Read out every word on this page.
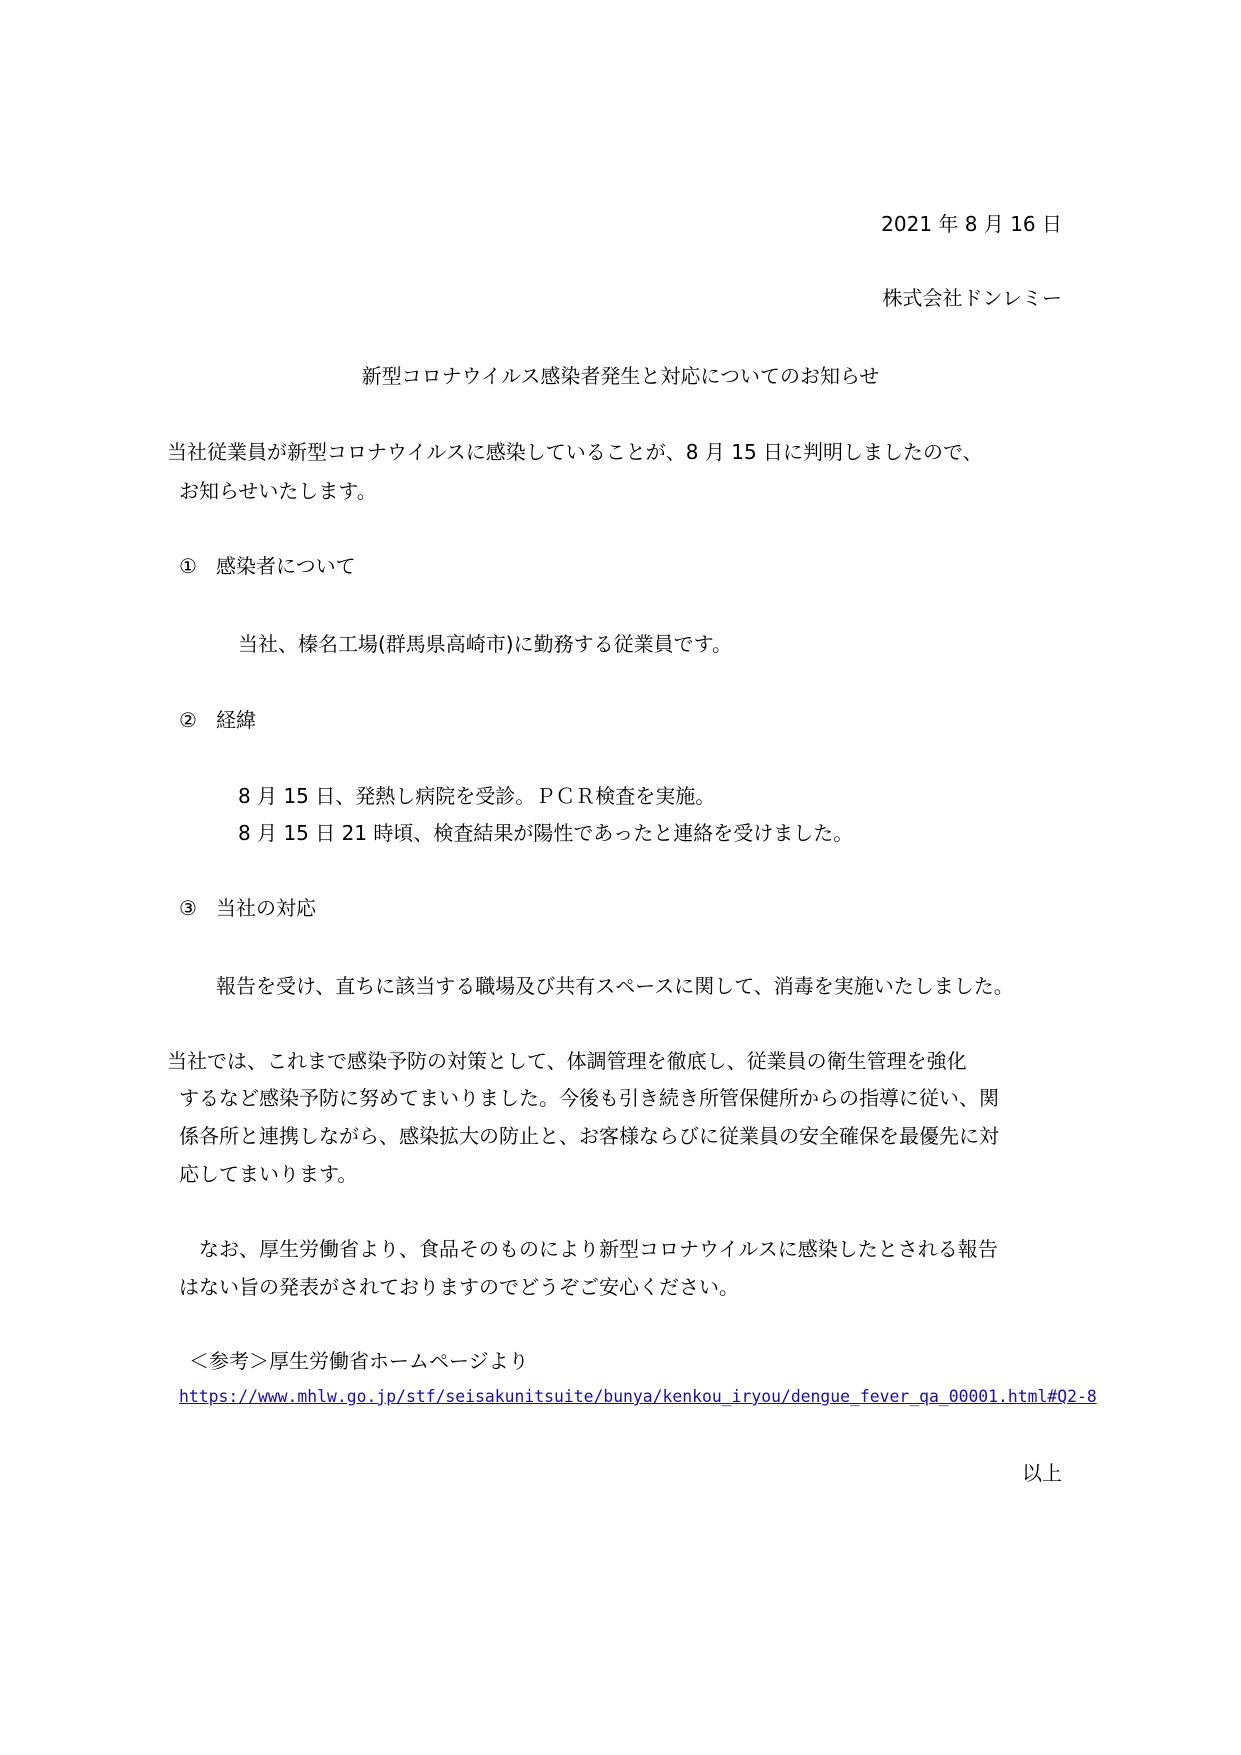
2021 年 8 月 16 日
株式会社ドンレミー
新型コロナウイルス感染者発生と対応についてのお知らせ
当社従業員が新型コロナウイルスに感染していることが、8 月 15 日に判明しましたので、
お知らせいたします。
① 感染者について
当社、榛名工場(群馬県高崎市)に勤務する従業員です。
② 経緯
8 月 15 日、発熱し病院を受診。ＰＣＲ検査を実施。
8 月 15 日 21 時頃、検査結果が陽性であったと連絡を受けました。
③ 当社の対応
報告を受け、直ちに該当する職場及び共有スペースに関して、消毒を実施いたしました。
当社では、これまで感染予防の対策として、体調管理を徹底し、従業員の衛生管理を強化
するなど感染予防に努めてまいりました。今後も引き続き所管保健所からの指導に従い、関
係各所と連携しながら、感染拡大の防止と、お客様ならびに従業員の安全確保を最優先に対
応してまいります。
なお、厚生労働省より、食品そのものにより新型コロナウイルスに感染したとされる報告
はない旨の発表がされておりますのでどうぞご安心ください。
＜参考＞厚生労働省ホームページより
https://www.mhlw.go.jp/stf/seisakunitsuite/bunya/kenkou_iryou/dengue_fever_qa_00001.html#Q2-8
以上
